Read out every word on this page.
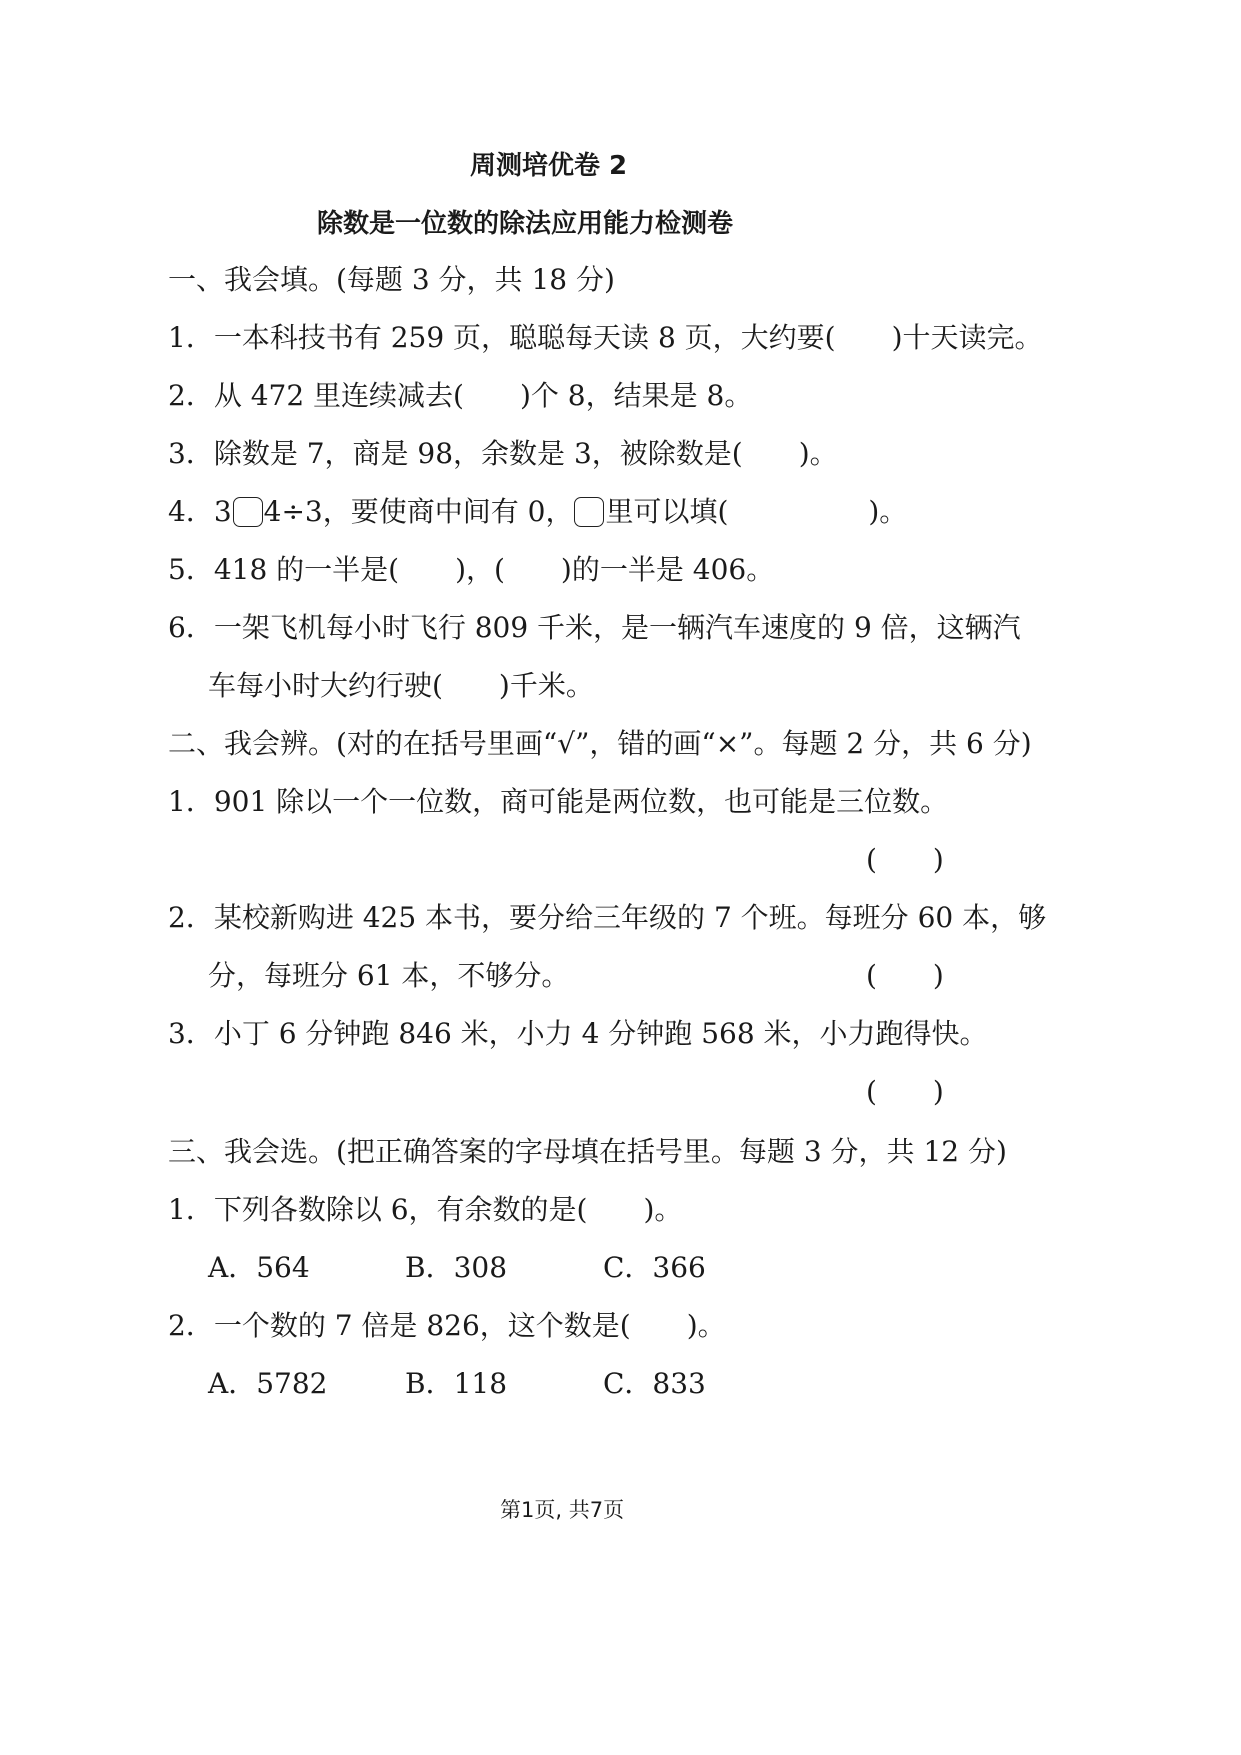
周测培优卷 2
除数是一位数的除法应用能力检测卷
一、我会填。(每题 3 分，共 18 分)
1．一本科技书有 259 页，聪聪每天读 8 页，大约要(　　)十天读完。
2．从 472 里连续减去(　　)个 8，结果是 8。
3．除数是 7，商是 98，余数是 3，被除数是(　　)。
4．3 4÷3，要使商中间有 0， 里可以填(　　　　　)。
5．418 的一半是(　　)，(　　)的一半是 406。
6．一架飞机每小时飞行 809 千米，是一辆汽车速度的 9 倍，这辆汽
车每小时大约行驶(　　)千米。
二、我会辨。(对的在括号里画“√”，错的画“×”。每题 2 分，共 6 分)
1．901 除以一个一位数，商可能是两位数，也可能是三位数。
(　　)
2．某校新购进 425 本书，要分给三年级的 7 个班。每班分 60 本，够
分，每班分 61 本，不够分。	(　　)
3．小丁 6 分钟跑 846 米，小力 4 分钟跑 568 米，小力跑得快。
(　　)
三、我会选。(把正确答案的字母填在括号里。每题 3 分，共 12 分)
1．下列各数除以 6，有余数的是(　　)。
A．564	B．308	C．366
2．一个数的 7 倍是 826，这个数是(　　)。
A．5782	B．118	C．833
第1页, 共7页
